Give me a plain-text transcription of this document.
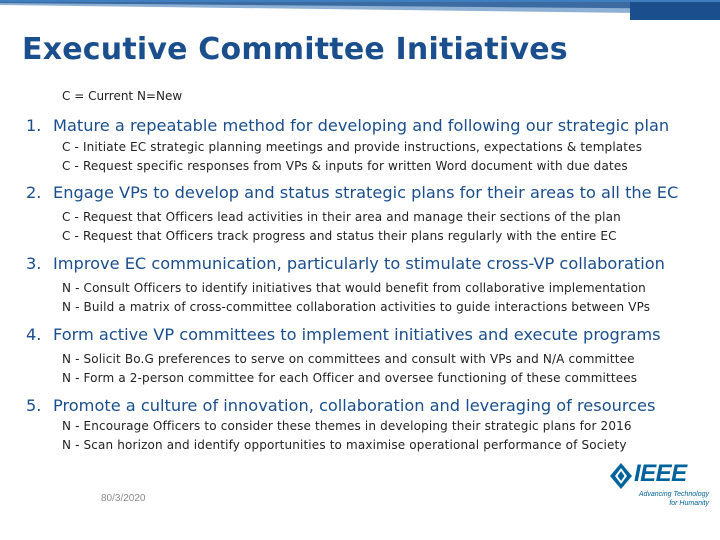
Executive Committee Initiatives
C = Current N=New
1. Mature a repeatable method for developing and following our strategic plan
C - Initiate EC strategic planning meetings and provide instructions, expectations & templates
C - Request specific responses from VPs & inputs for written Word document with due dates
2. Engage VPs to develop and status strategic plans for their areas to all the EC
C - Request that Officers lead activities in their area and manage their sections of the plan
C - Request that Officers track progress and status their plans regularly with the entire EC
3. Improve EC communication, particularly to stimulate cross-VP collaboration
N - Consult Officers to identify initiatives that would benefit from collaborative implementation
N - Build a matrix of cross-committee collaboration activities to guide interactions between VPs
4. Form active VP committees to implement initiatives and execute programs
N - Solicit Bo.G preferences to serve on committees and consult with VPs and N/A committee
N - Form a 2-person committee for each Officer and oversee functioning of these committees
5. Promote a culture of innovation, collaboration and leveraging of resources
N - Encourage Officers to consider these themes in developing their strategic plans for 2016
N - Scan horizon and identify opportunities to maximise operational performance of Society
80/3/2020
IEEE
Advancing Technology
for Humanity
